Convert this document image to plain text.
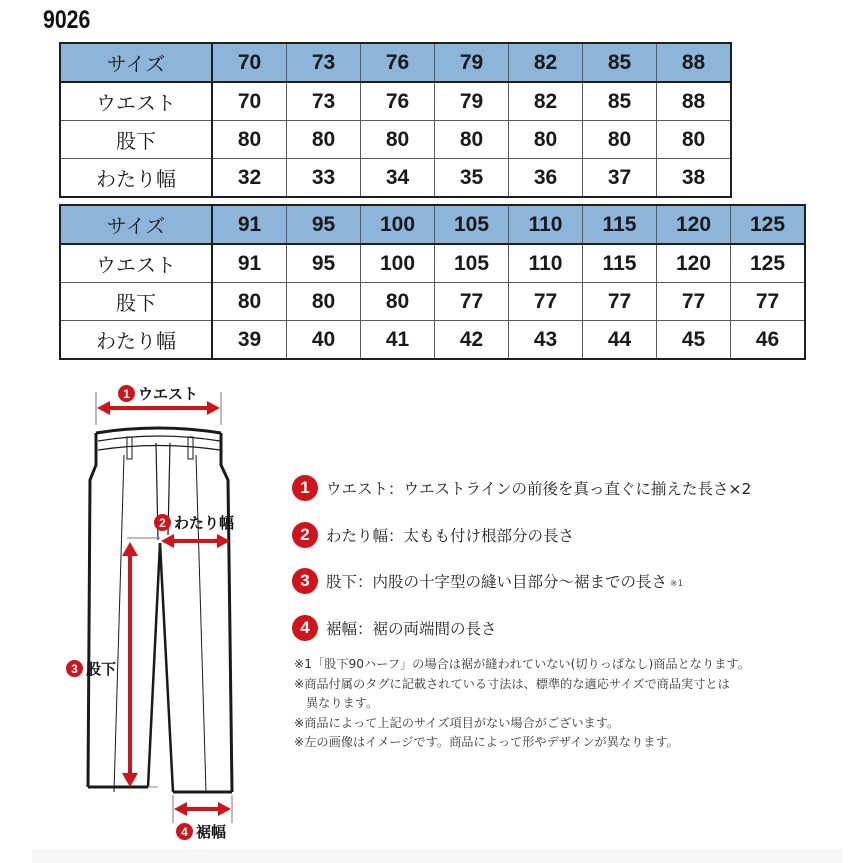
9026
サイズ	70	73	76	79	82	85	88
ウエスト	70	73	76	79	82	85	88
股下	80	80	80	80	80	80	80
わたり幅	32	33	34	35	36	37	38
サイズ	91	95	100	105	110	115	120	125
ウエスト	91	95	100	105	110	115	120	125
股下	80	80	80	77	77	77	77	77
わたり幅	39	40	41	42	43	44	45	46
1 ウエスト
2 わたり幅
3 股下
4 裾幅
1	ウエスト：ウエストラインの前後を真っ直ぐに揃えた長さ×2
2	わたり幅：太もも付け根部分の長さ
3	股下：内股の十字型の縫い目部分～裾までの長さ ※1
4	裾幅：裾の両端間の長さ
※1「股下90ハーフ」の場合は裾が縫われていない(切りっぱなし)商品となります。
※商品付属のタグに記載されている寸法は、標準的な適応サイズで商品実寸とは
異なります。
※商品によって上記のサイズ項目がない場合がございます。
※左の画像はイメージです。商品によって形やデザインが異なります。
